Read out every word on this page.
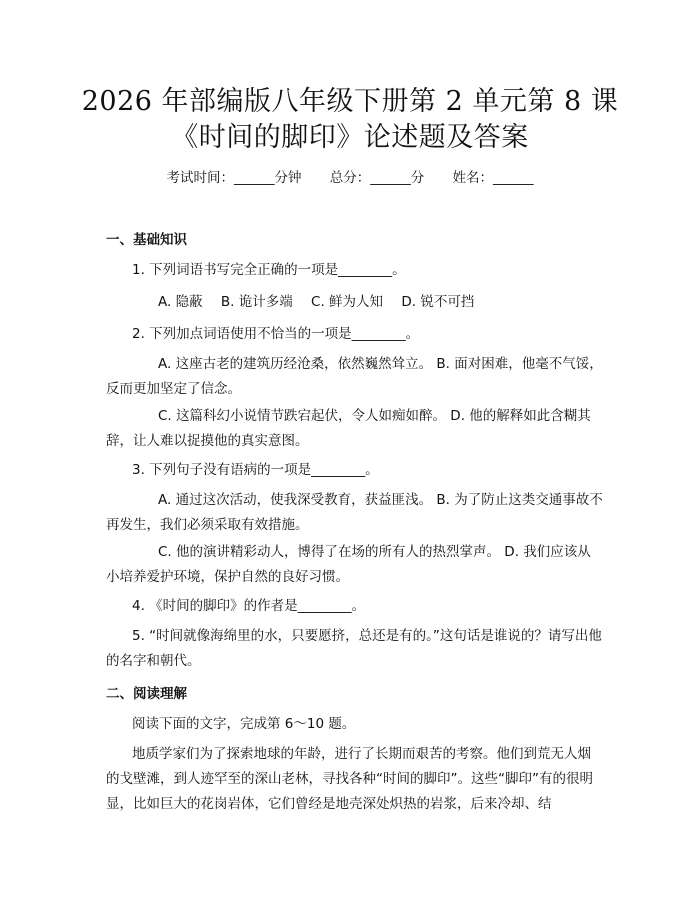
2026 年部编版八年级下册第 2 单元第 8 课
《时间的脚印》论述题及答案
考试时间：______分钟 总分：______分 姓名：______
一、基础知识
1. 下列词语书写完全正确的一项是________。
A. 隐蔽 B. 诡计多端 C. 鲜为人知 D. 锐不可挡
2. 下列加点词语使用不恰当的一项是________。
A. 这座古老的建筑历经沧桑，依然巍然耸立。 B. 面对困难，他毫不气馁，反而更加坚定了信念。
C. 这篇科幻小说情节跌宕起伏，令人如痴如醉。 D. 他的解释如此含糊其辞，让人难以捉摸他的真实意图。
3. 下列句子没有语病的一项是________。
A. 通过这次活动，使我深受教育，获益匪浅。 B. 为了防止这类交通事故不再发生，我们必须采取有效措施。
C. 他的演讲精彩动人，博得了在场的所有人的热烈掌声。 D. 我们应该从小培养爱护环境，保护自然的良好习惯。
4. 《时间的脚印》的作者是________。
5. “时间就像海绵里的水，只要愿挤，总还是有的。”这句话是谁说的？请写出他的名字和朝代。
二、阅读理解
阅读下面的文字，完成第 6～10 题。
地质学家们为了探索地球的年龄，进行了长期而艰苦的考察。他们到荒无人烟的戈壁滩，到人迹罕至的深山老林，寻找各种“时间的脚印”。这些“脚印”有的很明显，比如巨大的花岗岩体，它们曾经是地壳深处炽热的岩浆，后来冷却、结
